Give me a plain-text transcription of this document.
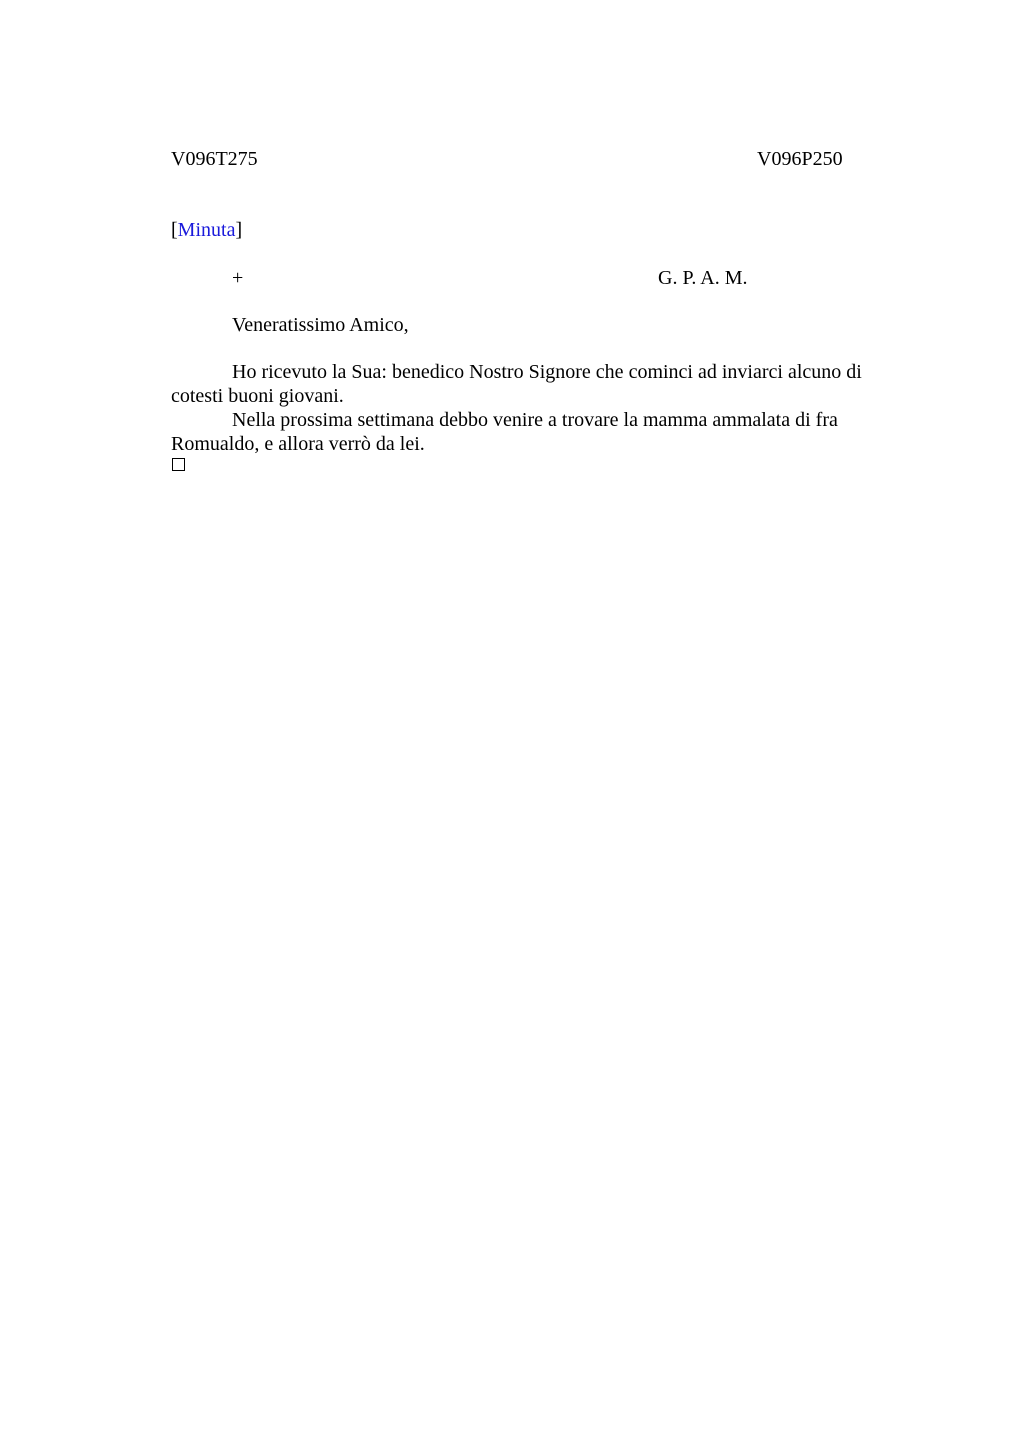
V096T275	V096P250
[Minuta]
+	G. P. A. M.
Veneratissimo Amico,

Ho ricevuto la Sua: benedico Nostro Signore che cominci ad inviarci alcuno di cotesti buoni giovani.

Nella prossima settimana debbo venire a trovare la mamma ammalata di fra Romualdo, e allora verrò da lei.
